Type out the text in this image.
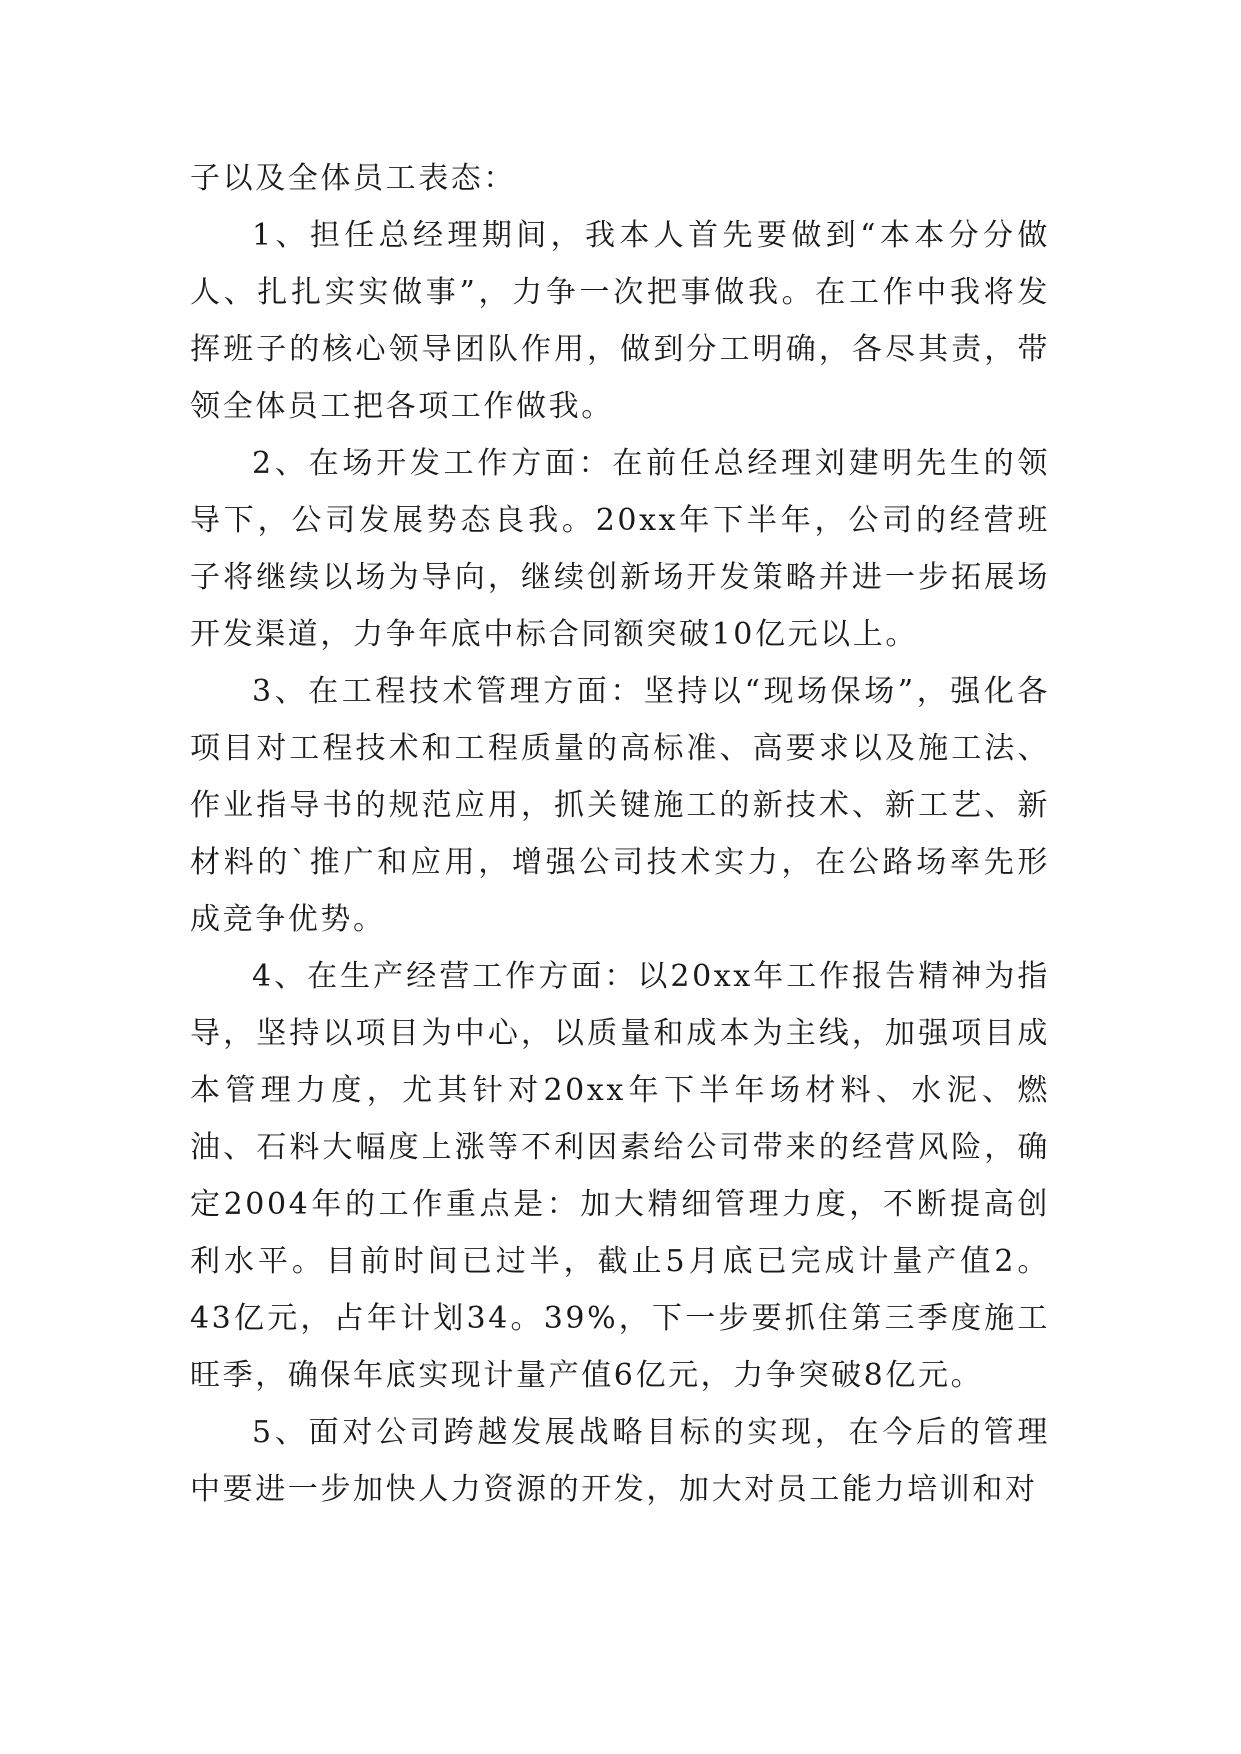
子以及全体员工表态：

1、担任总经理期间，我本人首先要做到“本本分分做人、扎扎实实做事”，力争一次把事做我。在工作中我将发挥班子的核心领导团队作用，做到分工明确，各尽其责，带领全体员工把各项工作做我。

2、在场开发工作方面：在前任总经理刘建明先生的领导下，公司发展势态良我。20xx年下半年，公司的经营班子将继续以场为导向，继续创新场开发策略并进一步拓展场开发渠道，力争年底中标合同额突破10亿元以上。

3、在工程技术管理方面：坚持以“现场保场”，强化各项目对工程技术和工程质量的高标准、高要求以及施工法、作业指导书的规范应用，抓关键施工的新技术、新工艺、新材料的`推广和应用，增强公司技术实力，在公路场率先形成竞争优势。

4、在生产经营工作方面：以20xx年工作报告精神为指导，坚持以项目为中心，以质量和成本为主线，加强项目成本管理力度，尤其针对20xx年下半年场材料、水泥、燃油、石料大幅度上涨等不利因素给公司带来的经营风险，确定2004年的工作重点是：加大精细管理力度，不断提高创利水平。目前时间已过半，截止5月底已完成计量产值2。43亿元，占年计划34。39%，下一步要抓住第三季度施工旺季，确保年底实现计量产值6亿元，力争突破8亿元。

5、面对公司跨越发展战略目标的实现，在今后的管理中要进一步加快人力资源的开发，加大对员工能力培训和对
